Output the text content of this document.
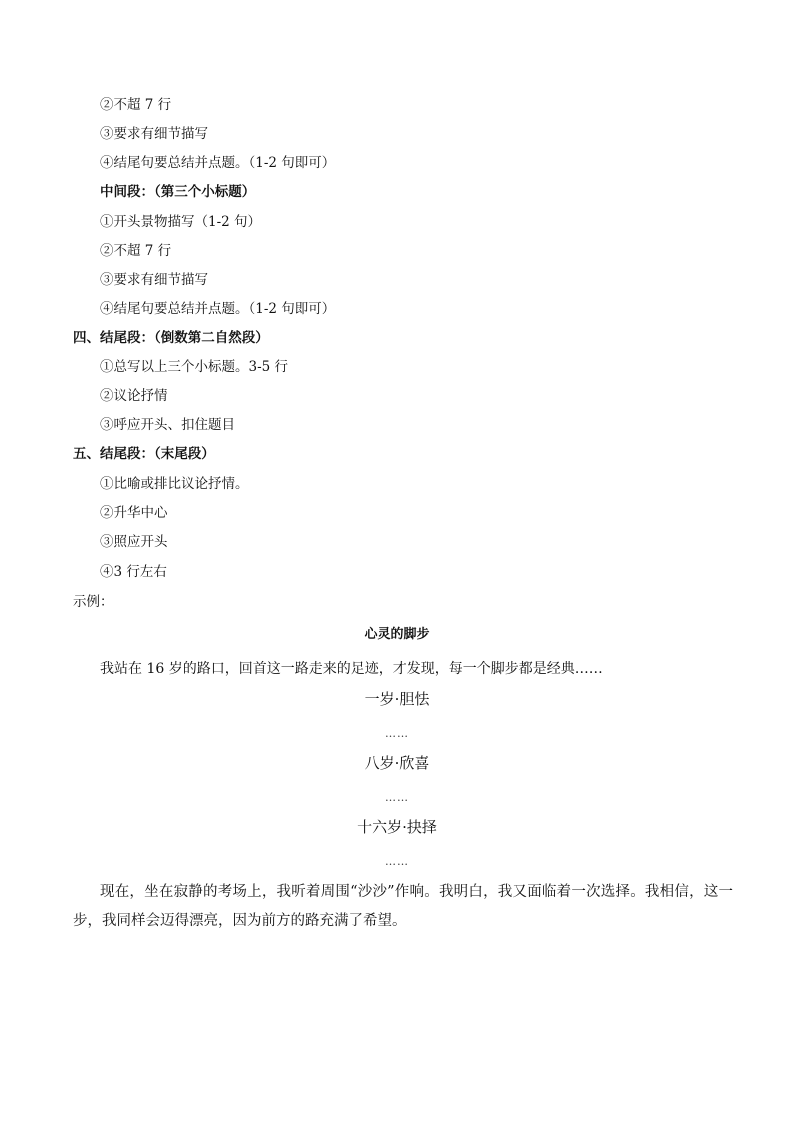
②不超 7 行
③要求有细节描写
④结尾句要总结并点题。（1-2 句即可）
中间段：（第三个小标题）
①开头景物描写（1-2 句）
②不超 7 行
③要求有细节描写
④结尾句要总结并点题。（1-2 句即可）
四、结尾段：（倒数第二自然段）
①总写以上三个小标题。3-5 行
②议论抒情
③呼应开头、扣住题目
五、结尾段：（末尾段）
①比喻或排比议论抒情。
②升华中心
③照应开头
④3 行左右
示例：
心灵的脚步
我站在 16 岁的路口，回首这一路走来的足迹，才发现，每一个脚步都是经典……
一岁·胆怯
……
八岁·欣喜
……
十六岁·抉择
……
现在，坐在寂静的考场上，我听着周围“沙沙”作响。我明白，我又面临着一次选择。我相信，这一步，我同样会迈得漂亮，因为前方的路充满了希望。
